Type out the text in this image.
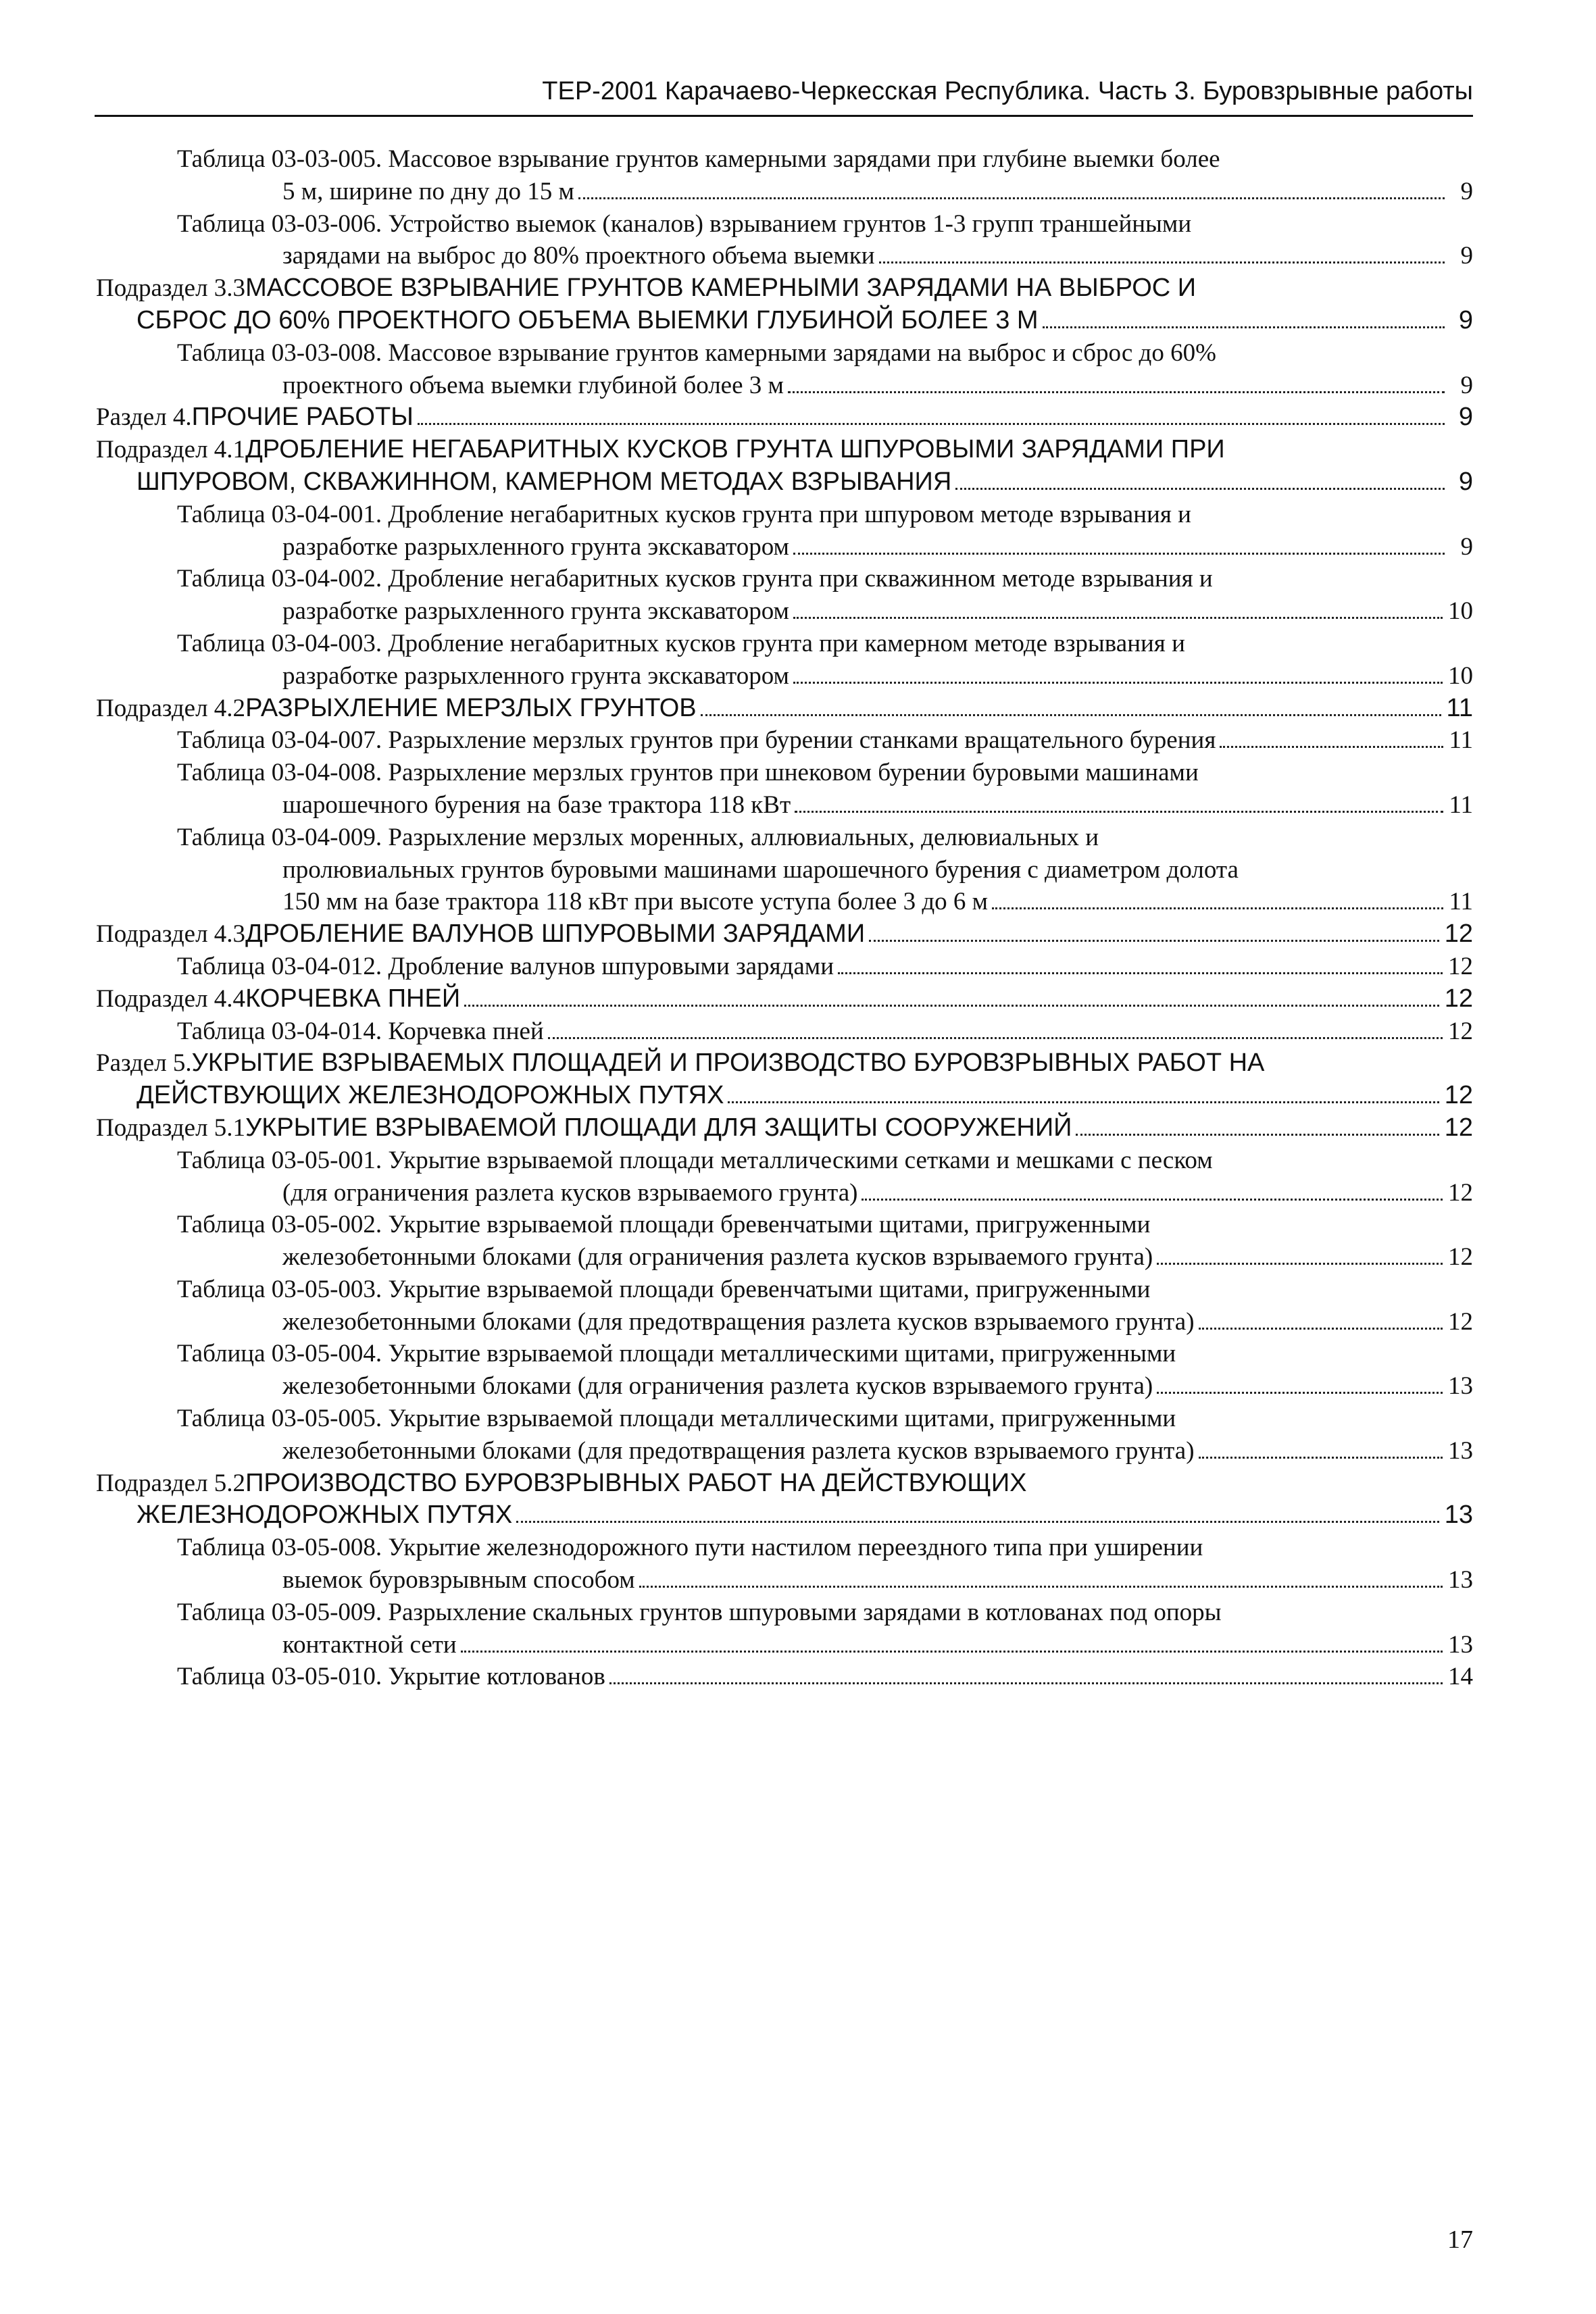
ТЕР-2001 Карачаево-Черкесская Республика. Часть 3. Буровзрывные работы
Таблица 03-03-005. Массовое взрывание грунтов камерными зарядами при глубине выемки более
5 м, ширине по дну до 15 м	9
Таблица 03-03-006. Устройство выемок (каналов) взрыванием грунтов 1-3 групп траншейными
зарядами на выброс до 80% проектного объема выемки	9
Подраздел 3.3 МАССОВОЕ ВЗРЫВАНИЕ ГРУНТОВ КАМЕРНЫМИ ЗАРЯДАМИ НА ВЫБРОС И
СБРОС ДО 60% ПРОЕКТНОГО ОБЪЕМА ВЫЕМКИ ГЛУБИНОЙ БОЛЕЕ 3 М	9
Таблица 03-03-008. Массовое взрывание грунтов камерными зарядами на выброс и сброс до 60%
проектного объема выемки глубиной более 3 м	9
Раздел 4. ПРОЧИЕ РАБОТЫ	9
Подраздел 4.1 ДРОБЛЕНИЕ НЕГАБАРИТНЫХ КУСКОВ ГРУНТА ШПУРОВЫМИ ЗАРЯДАМИ ПРИ
ШПУРОВОМ, СКВАЖИННОМ, КАМЕРНОМ МЕТОДАХ ВЗРЫВАНИЯ	9
Таблица 03-04-001. Дробление негабаритных кусков грунта при шпуровом методе взрывания и
разработке разрыхленного грунта экскаватором	9
Таблица 03-04-002. Дробление негабаритных кусков грунта при скважинном методе взрывания и
разработке разрыхленного грунта экскаватором	10
Таблица 03-04-003. Дробление негабаритных кусков грунта при камерном методе взрывания и
разработке разрыхленного грунта экскаватором	10
Подраздел 4.2 РАЗРЫХЛЕНИЕ МЕРЗЛЫХ ГРУНТОВ	11
Таблица 03-04-007. Разрыхление мерзлых грунтов при бурении станками вращательного бурения	11
Таблица 03-04-008. Разрыхление мерзлых грунтов при шнековом бурении буровыми машинами
шарошечного бурения на базе трактора 118 кВт	11
Таблица 03-04-009. Разрыхление мерзлых моренных, аллювиальных, делювиальных и
пролювиальных грунтов буровыми машинами шарошечного бурения с диаметром долота
150 мм на базе трактора 118 кВт при высоте уступа более 3 до 6 м	11
Подраздел 4.3 ДРОБЛЕНИЕ ВАЛУНОВ ШПУРОВЫМИ ЗАРЯДАМИ	12
Таблица 03-04-012. Дробление валунов шпуровыми зарядами	12
Подраздел 4.4 КОРЧЕВКА ПНЕЙ	12
Таблица 03-04-014. Корчевка пней	12
Раздел 5. УКРЫТИЕ ВЗРЫВАЕМЫХ ПЛОЩАДЕЙ И ПРОИЗВОДСТВО БУРОВЗРЫВНЫХ РАБОТ НА
ДЕЙСТВУЮЩИХ ЖЕЛЕЗНОДОРОЖНЫХ ПУТЯХ	12
Подраздел 5.1 УКРЫТИЕ ВЗРЫВАЕМОЙ ПЛОЩАДИ ДЛЯ ЗАЩИТЫ СООРУЖЕНИЙ	12
Таблица 03-05-001. Укрытие взрываемой площади металлическими сетками и мешками с песком
(для ограничения разлета кусков взрываемого грунта)	12
Таблица 03-05-002. Укрытие взрываемой площади бревенчатыми щитами, пригруженными
железобетонными блоками (для ограничения разлета кусков взрываемого грунта)	12
Таблица 03-05-003. Укрытие взрываемой площади бревенчатыми щитами, пригруженными
железобетонными блоками (для предотвращения разлета кусков взрываемого грунта)	12
Таблица 03-05-004. Укрытие взрываемой площади металлическими щитами, пригруженными
железобетонными блоками (для ограничения разлета кусков взрываемого грунта)	13
Таблица 03-05-005. Укрытие взрываемой площади металлическими щитами, пригруженными
железобетонными блоками (для предотвращения разлета кусков взрываемого грунта)	13
Подраздел 5.2 ПРОИЗВОДСТВО БУРОВЗРЫВНЫХ РАБОТ НА ДЕЙСТВУЮЩИХ
ЖЕЛЕЗНОДОРОЖНЫХ ПУТЯХ	13
Таблица 03-05-008. Укрытие железнодорожного пути настилом переездного типа при уширении
выемок буровзрывным способом	13
Таблица 03-05-009. Разрыхление скальных грунтов шпуровыми зарядами в котлованах под опоры
контактной сети	13
Таблица 03-05-010. Укрытие котлованов	14
17
